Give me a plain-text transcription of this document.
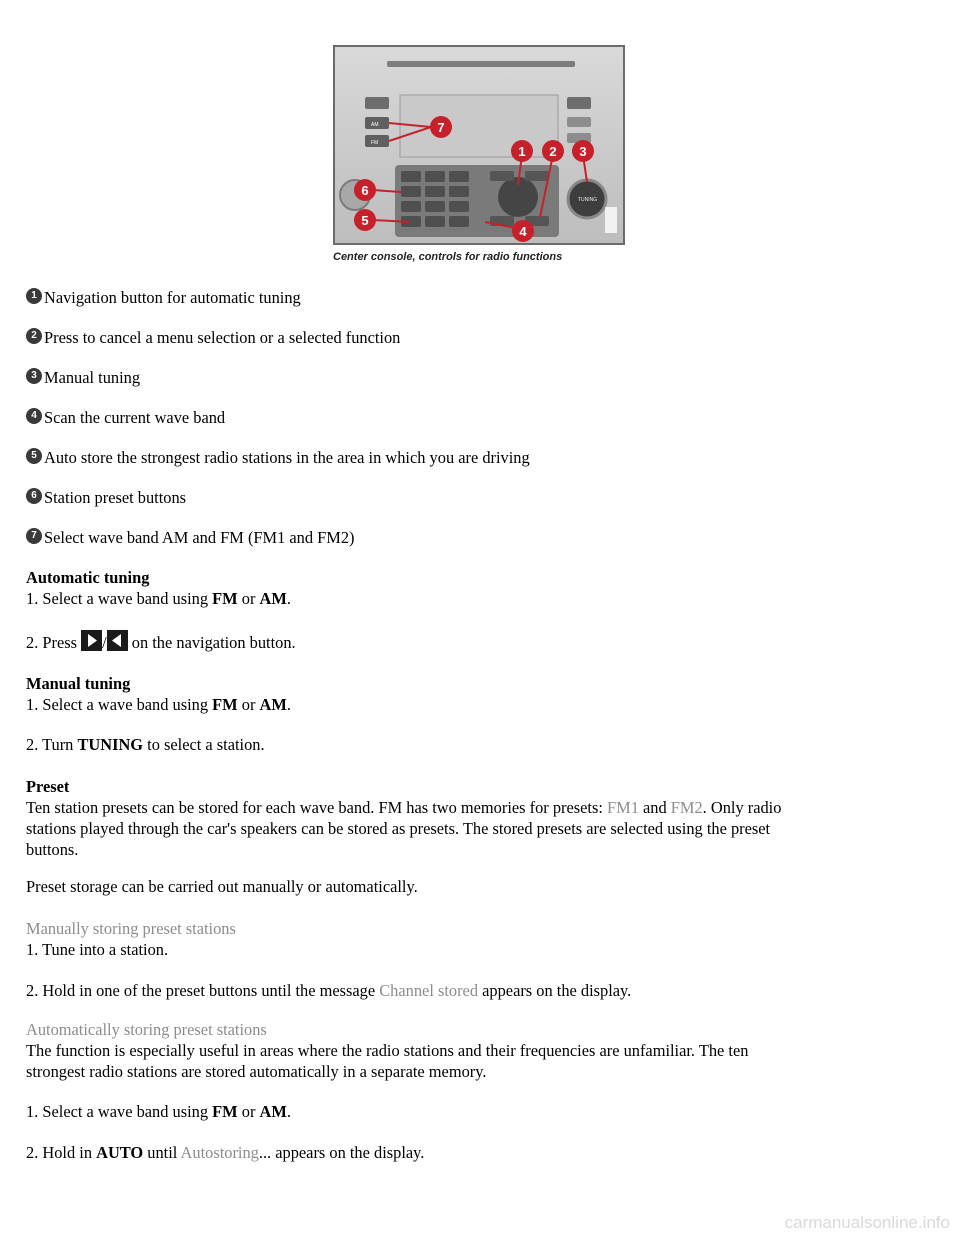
AM
FM
TUNING
7
1 2 3
4
5
6
Center console, controls for radio functions
1 Navigation button for automatic tuning
2 Press to cancel a menu selection or a selected function
3 Manual tuning
4 Scan the current wave band
5 Auto store the strongest radio stations in the area in which you are driving
6 Station preset buttons
7 Select wave band AM and FM (FM1 and FM2)
Automatic tuning
1. Select a wave band using FM or AM.
2. Press
/
on the navigation button.
Manual tuning
1. Select a wave band using FM or AM.
2. Turn TUNING to select a station.
Preset
Ten station presets can be stored for each wave band. FM has two memories for presets: FM1 and FM2. Only radio
stations played through the car's speakers can be stored as presets. The stored presets are selected using the preset
buttons.
Preset storage can be carried out manually or automatically.
Manually storing preset stations
1. Tune into a station.
2. Hold in one of the preset buttons until the message Channel stored appears on the display.
Automatically storing preset stations
The function is especially useful in areas where the radio stations and their frequencies are unfamiliar. The ten
strongest radio stations are stored automatically in a separate memory.
1. Select a wave band using FM or AM.
2. Hold in AUTO until Autostoring... appears on the display.
carmanualsonline.info
